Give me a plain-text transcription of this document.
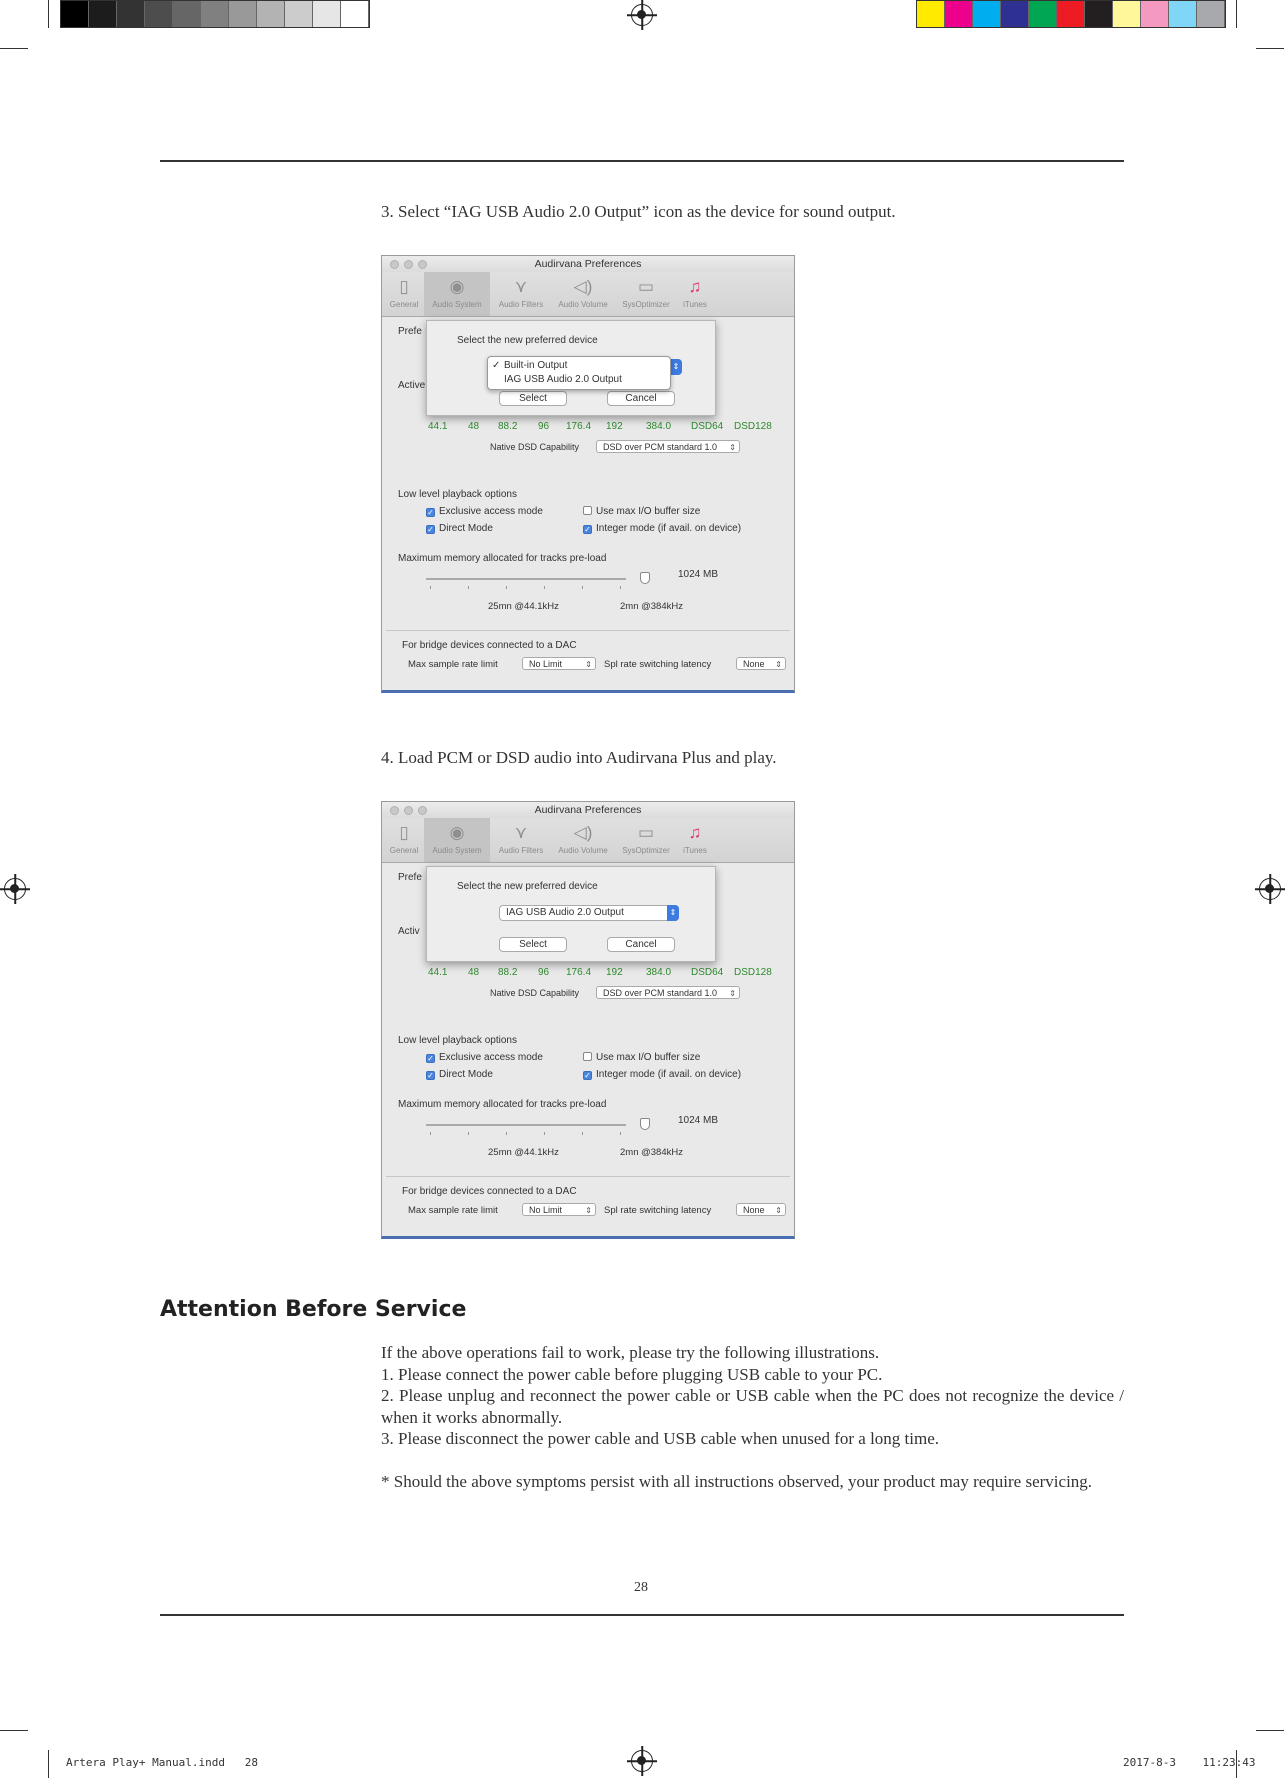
3. Select “IAG USB Audio 2.0 Output” icon as the device for sound output.
Audirvana Preferences
▯
General
◉
Audio System
⋎
Audio Filters
◁)
Audio Volume
▭
SysOptimizer
♫
iTunes
Prefe
Active
44.1 48 88.2 96 176.4 192 384.0 DSD64 DSD128
Native DSD Capability	DSD over PCM standard 1.0 ⇕
Low level playback options
✓ Exclusive access mode	Use max I/O buffer size
✓ Direct Mode	✓ Integer mode (if avail. on device)
Maximum memory allocated for tracks pre-load
1024 MB
25mn @44.1kHz	2mn @384kHz
For bridge devices connected to a DAC
Max sample rate limit	No Limit	⇕ Spl rate switching latency	None ⇕
Select the new preferred device
Select	Cancel
⇕
✓ Built-in Output
IAG USB Audio 2.0 Output
4. Load PCM or DSD audio into Audirvana Plus and play.
Audirvana Preferences
▯
General
◉
Audio System
⋎
Audio Filters
◁)
Audio Volume
▭
SysOptimizer
♫
iTunes
Prefe
Activ
44.1 48 88.2 96 176.4 192 384.0 DSD64 DSD128
Native DSD Capability	DSD over PCM standard 1.0 ⇕
Low level playback options
✓ Exclusive access mode	Use max I/O buffer size
✓ Direct Mode	✓ Integer mode (if avail. on device)
Maximum memory allocated for tracks pre-load
1024 MB
25mn @44.1kHz	2mn @384kHz
For bridge devices connected to a DAC
Max sample rate limit	No Limit	⇕ Spl rate switching latency	None ⇕
Select the new preferred device
IAG USB Audio 2.0 Output	⇕
Select	Cancel
Attention Before Service
If the above operations fail to work, please try the following illustrations.
1. Please connect the power cable before plugging USB cable to your PC.
2. Please unplug and reconnect the power cable or USB cable when the PC does not recognize the device / when it works abnormally.
3. Please disconnect the power cable and USB cable when unused for a long time.
* Should the above symptoms persist with all instructions observed, your product may require servicing.
28
Artera Play+ Manual.indd   28	2017-8-3    11:23:43
